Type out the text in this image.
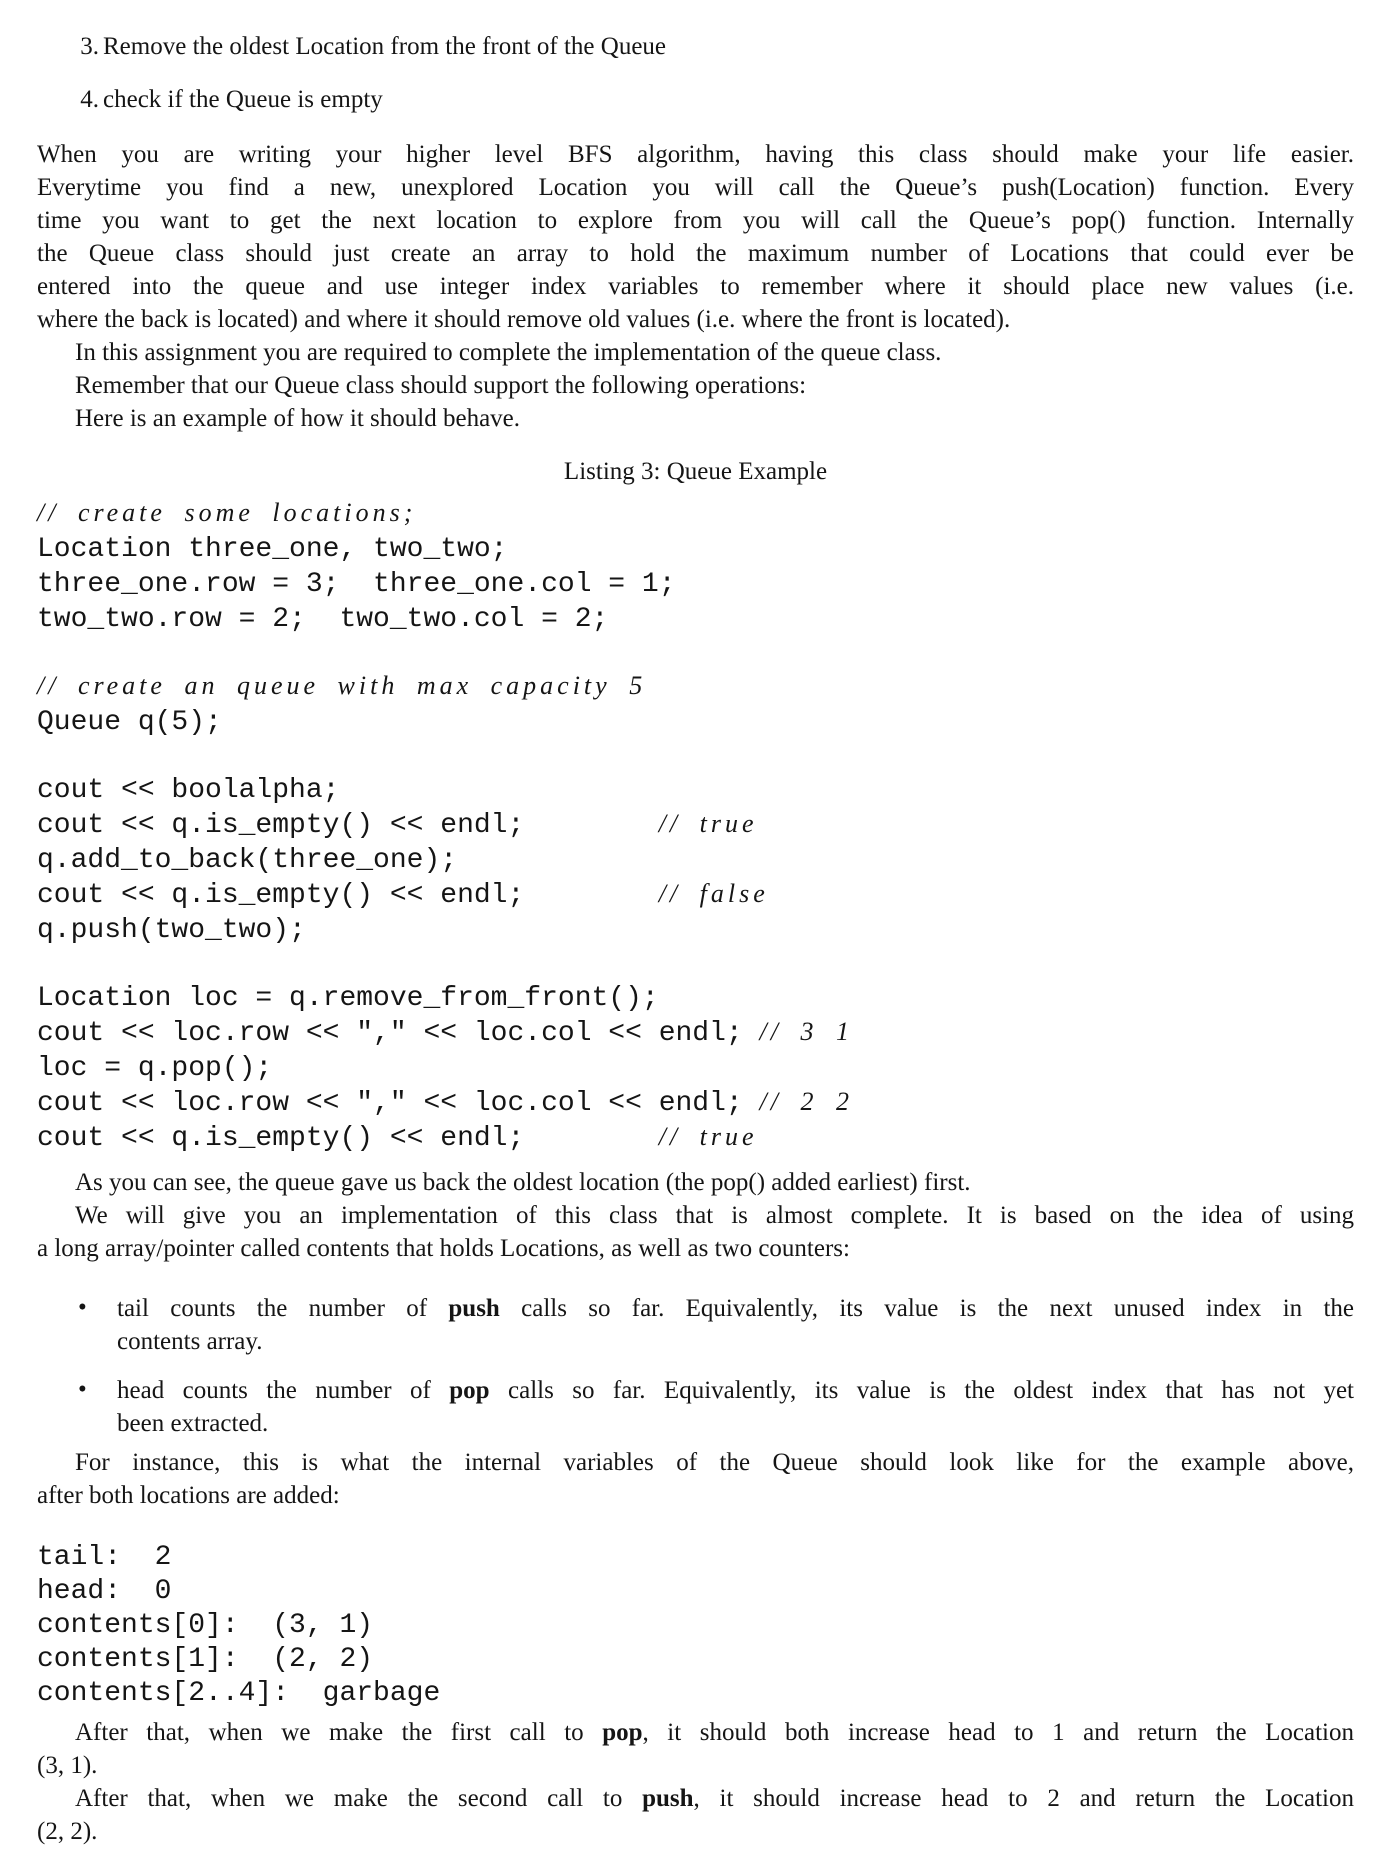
3. Remove the oldest Location from the front of the Queue
4. check if the Queue is empty
When you are writing your higher level BFS algorithm, having this class should make your life easier.
Everytime you find a new, unexplored Location you will call the Queue’s push(Location) function. Every
time you want to get the next location to explore from you will call the Queue’s pop() function. Internally
the Queue class should just create an array to hold the maximum number of Locations that could ever be
entered into the queue and use integer index variables to remember where it should place new values (i.e.
where the back is located) and where it should remove old values (i.e. where the front is located).
In this assignment you are required to complete the implementation of the queue class.
Remember that our Queue class should support the following operations:
Here is an example of how it should behave.
Listing 3: Queue Example
// create some locations;
Location three_one, two_two;
three_one.row = 3;  three_one.col = 1;
two_two.row = 2;  two_two.col = 2;
// create an queue with max capacity 5
Queue q(5);
cout << boolalpha;
cout << q.is_empty() << endl;        // true
q.add_to_back(three_one);
cout << q.is_empty() << endl;        // false
q.push(two_two);
Location loc = q.remove_from_front();
cout << loc.row << "," << loc.col << endl; // 3 1
loc = q.pop();
cout << loc.row << "," << loc.col << endl; // 2 2
cout << q.is_empty() << endl;        // true
As you can see, the queue gave us back the oldest location (the pop() added earliest) first.
We will give you an implementation of this class that is almost complete. It is based on the idea of using
a long array/pointer called contents that holds Locations, as well as two counters:
• tail counts the number of push calls so far. Equivalently, its value is the next unused index in the
contents array.
• head counts the number of pop calls so far. Equivalently, its value is the oldest index that has not yet
been extracted.
For instance, this is what the internal variables of the Queue should look like for the example above,
after both locations are added:
tail:  2
head:  0
contents[0]:  (3, 1)
contents[1]:  (2, 2)
contents[2..4]:  garbage
After that, when we make the first call to pop, it should both increase head to 1 and return the Location
(3, 1).
After that, when we make the second call to push, it should increase head to 2 and return the Location
(2, 2).
